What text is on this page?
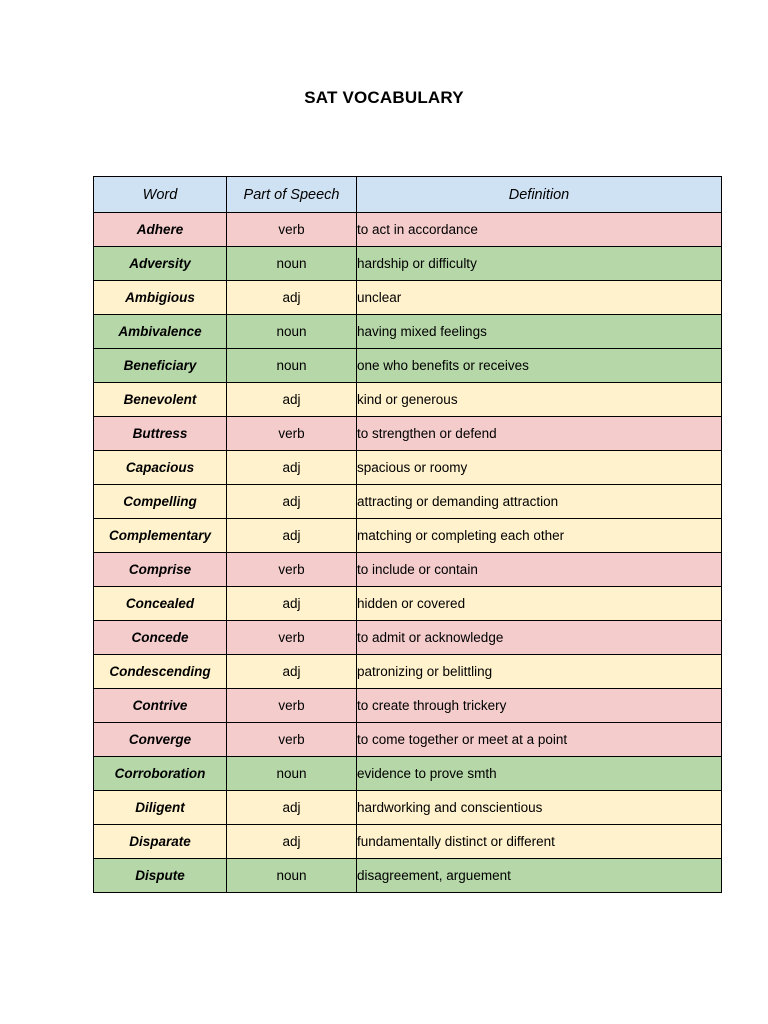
SAT VOCABULARY
Word	Part of Speech	Definition
Adhere	verb	to act in accordance
Adversity	noun	hardship or difficulty
Ambigious	adj	unclear
Ambivalence	noun	having mixed feelings
Beneficiary	noun	one who benefits or receives
Benevolent	adj	kind or generous
Buttress	verb	to strengthen or defend
Capacious	adj	spacious or roomy
Compelling	adj	attracting or demanding attraction
Complementary	adj	matching or completing each other
Comprise	verb	to include or contain
Concealed	adj	hidden or covered
Concede	verb	to admit or acknowledge
Condescending	adj	patronizing or belittling
Contrive	verb	to create through trickery
Converge	verb	to come together or meet at a point
Corroboration	noun	evidence to prove smth
Diligent	adj	hardworking and conscientious
Disparate	adj	fundamentally distinct or different
Dispute	noun	disagreement, arguement
